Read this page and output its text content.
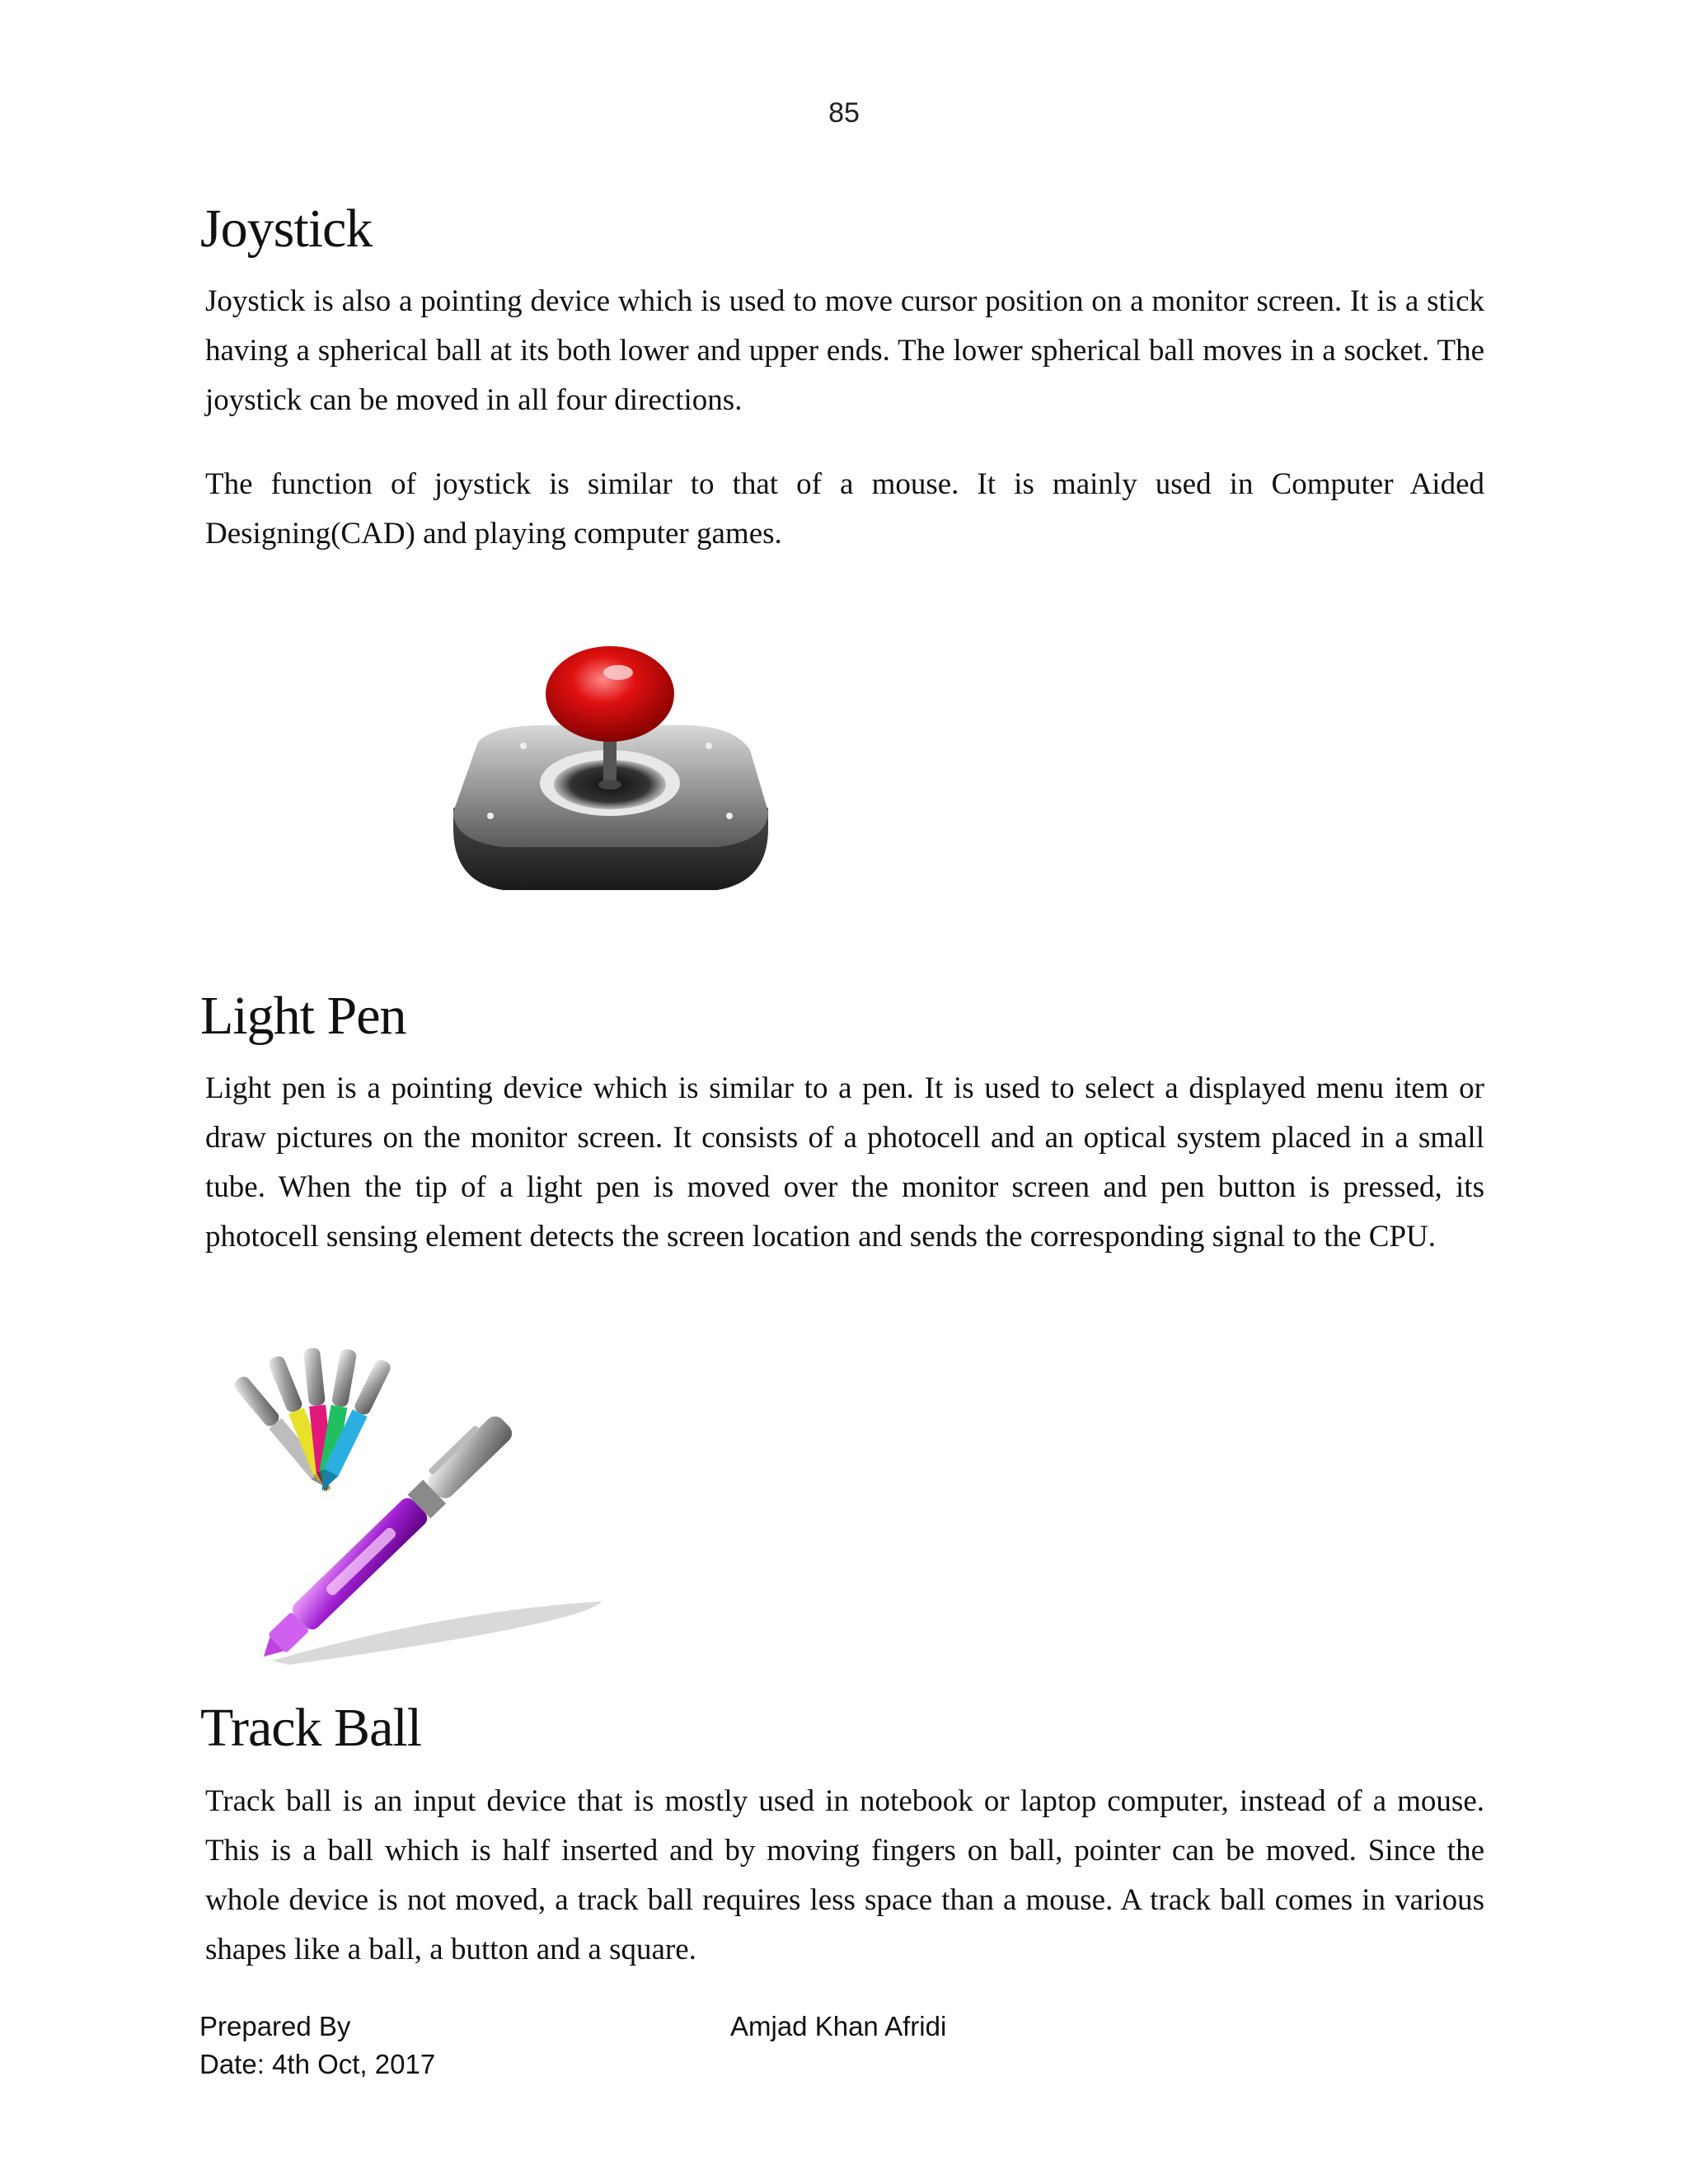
85
Joystick

Joystick is also a pointing device which is used to move cursor position on a monitor screen. It is a stick having a spherical ball at its both lower and upper ends. The lower spherical ball moves in a socket. The joystick can be moved in all four directions.

The function of joystick is similar to that of a mouse. It is mainly used in Computer Aided Designing(CAD) and playing computer games.

Light Pen

Light pen is a pointing device which is similar to a pen. It is used to select a displayed menu item or draw pictures on the monitor screen. It consists of a photocell and an optical system placed in a small tube. When the tip of a light pen is moved over the monitor screen and pen button is pressed, its photocell sensing element detects the screen location and sends the corresponding signal to the CPU.

Track Ball

Track ball is an input device that is mostly used in notebook or laptop computer, instead of a mouse. This is a ball which is half inserted and by moving fingers on ball, pointer can be moved. Since the whole device is not moved, a track ball requires less space than a mouse. A track ball comes in various shapes like a ball, a button and a square.

Prepared By	Amjad Khan Afridi
Date: 4th Oct, 2017
